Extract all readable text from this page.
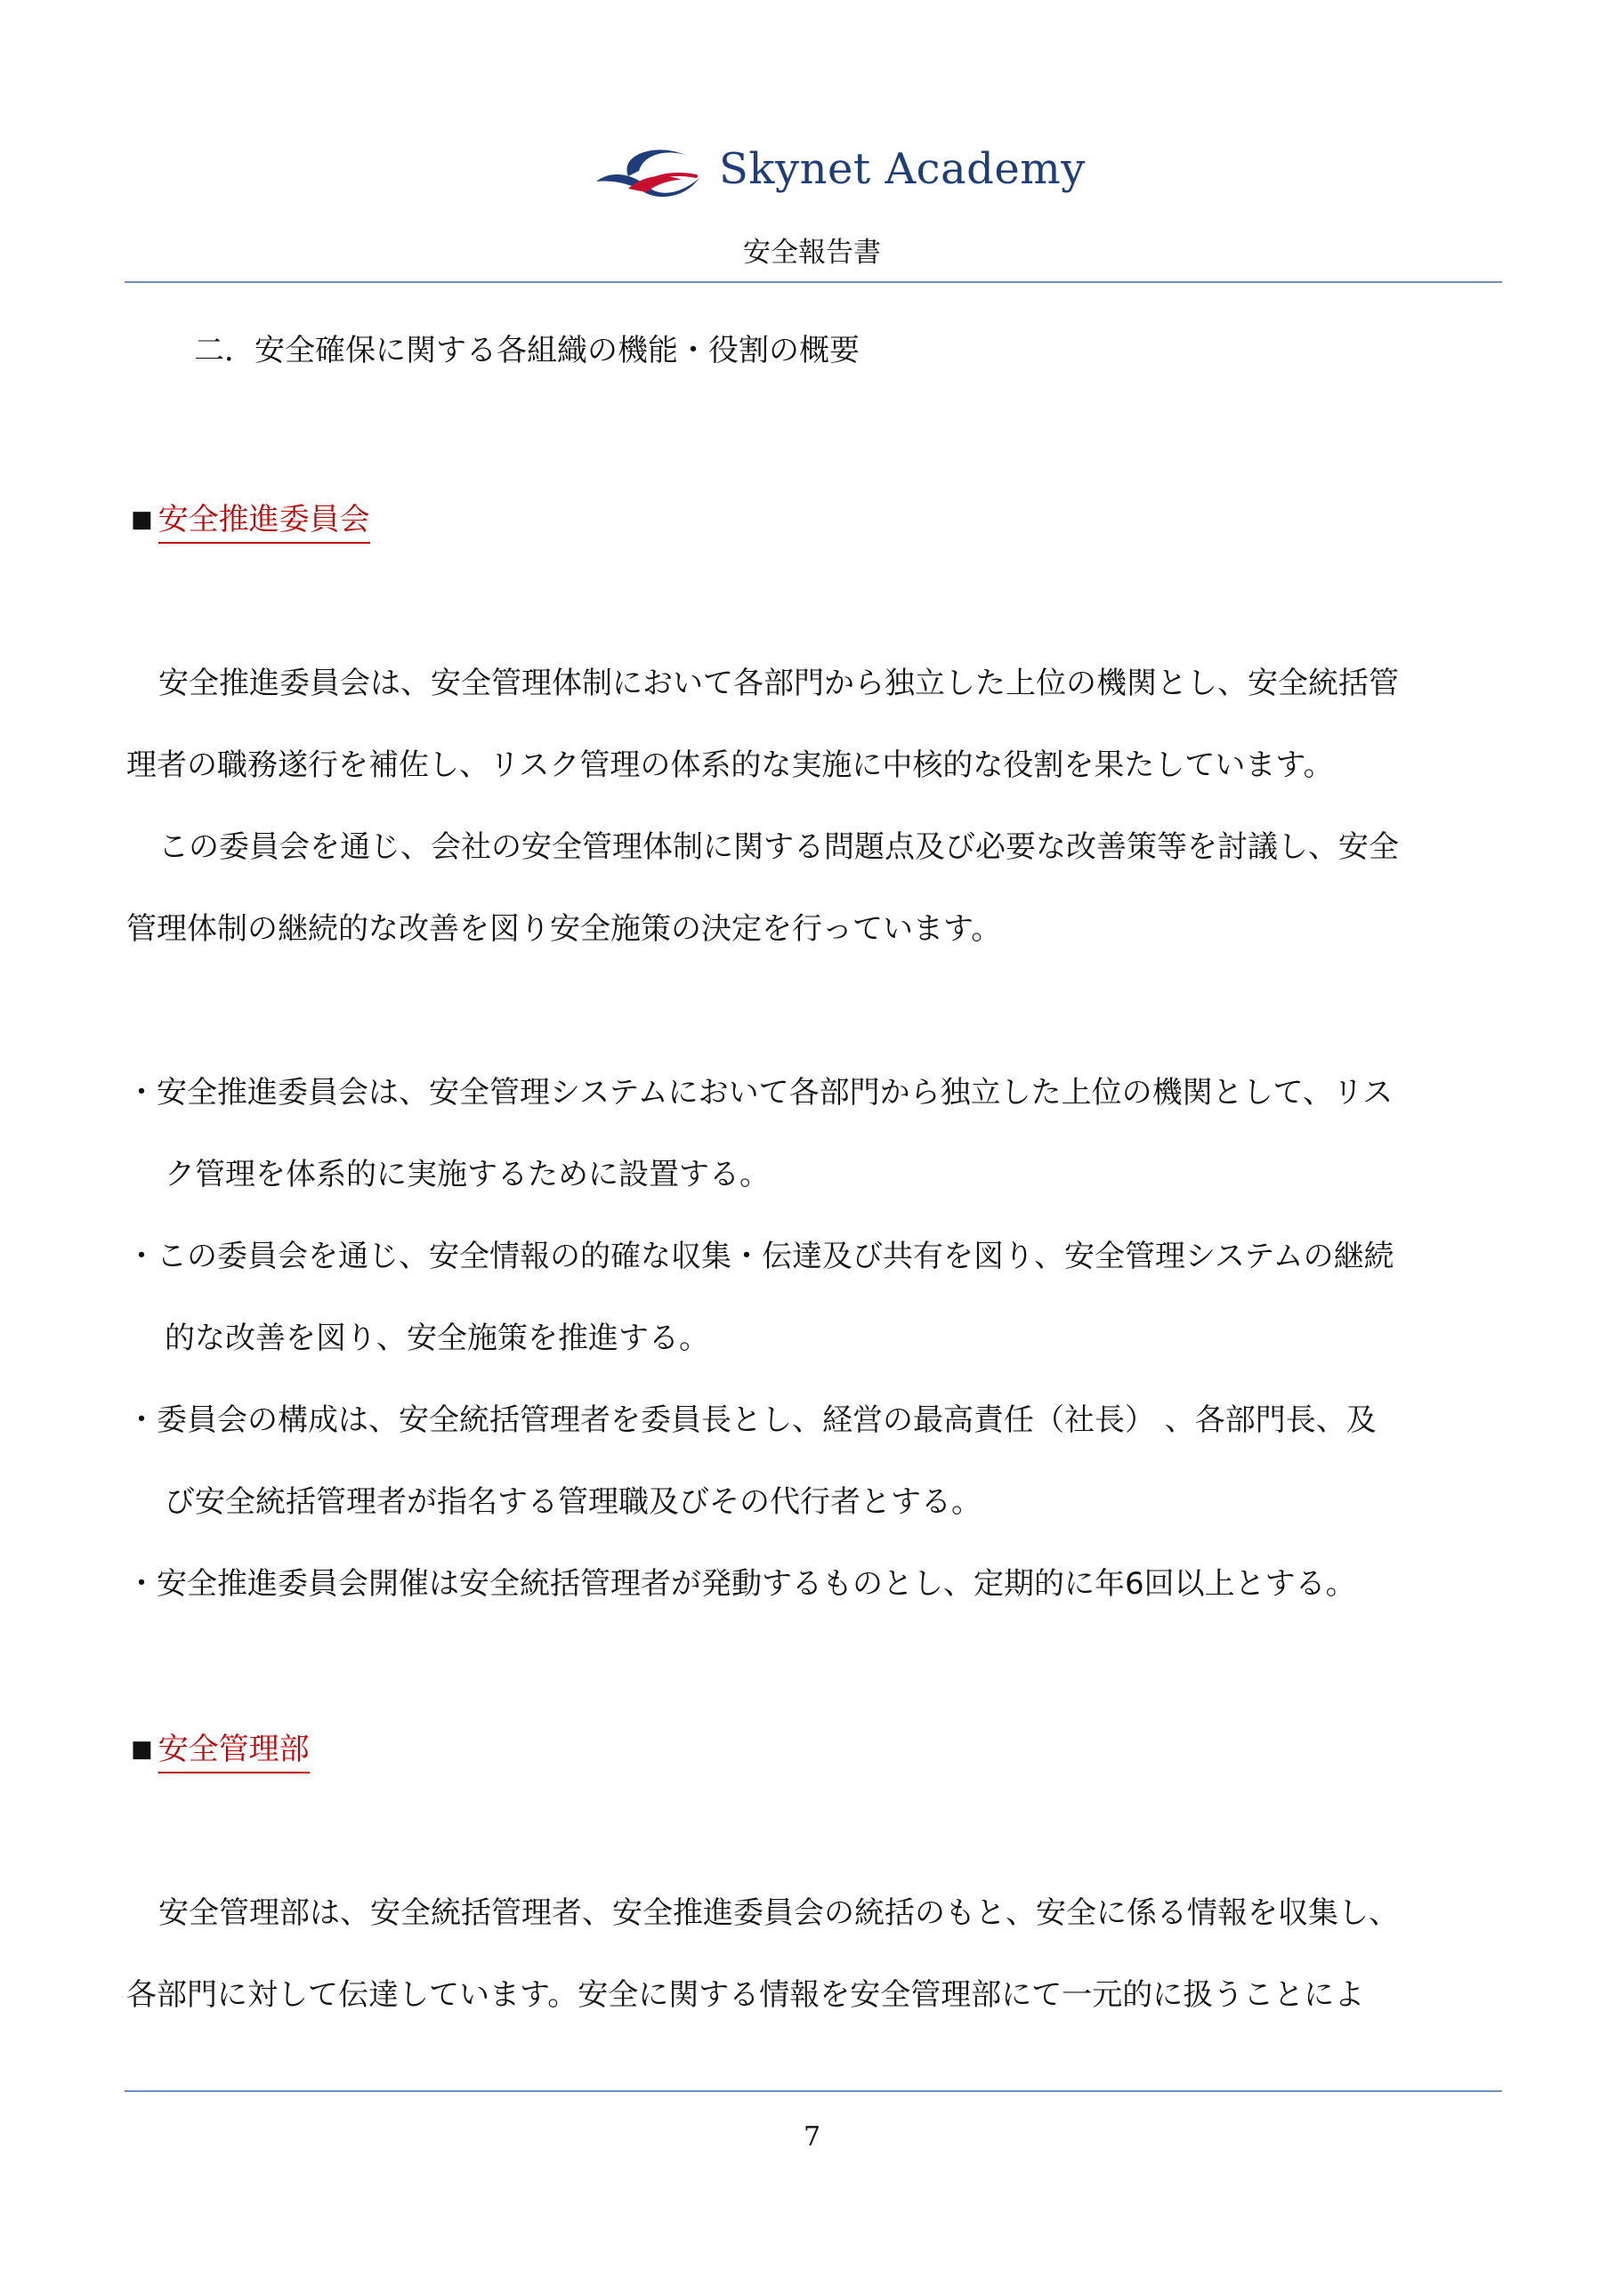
Skynet Academy
安全報告書
二．安全確保に関する各組織の機能・役割の概要
■ 安全推進委員会
安全推進委員会は、安全管理体制において各部門から独立した上位の機関とし、安全統括管
理者の職務遂行を補佐し、リスク管理の体系的な実施に中核的な役割を果たしています。
この委員会を通じ、会社の安全管理体制に関する問題点及び必要な改善策等を討議し、安全
管理体制の継続的な改善を図り安全施策の決定を行っています。
・安全推進委員会は、安全管理システムにおいて各部門から独立した上位の機関として、リス
ク管理を体系的に実施するために設置する。
・この委員会を通じ、安全情報の的確な収集・伝達及び共有を図り、安全管理システムの継続
的な改善を図り、安全施策を推進する。
・委員会の構成は、安全統括管理者を委員長とし、経営の最高責任（社長） 、各部門長、及
び安全統括管理者が指名する管理職及びその代行者とする。
・安全推進委員会開催は安全統括管理者が発動するものとし、定期的に年6回以上とする。
■ 安全管理部
安全管理部は、安全統括管理者、安全推進委員会の統括のもと、安全に係る情報を収集し、
各部門に対して伝達しています。安全に関する情報を安全管理部にて一元的に扱うことによ
7
